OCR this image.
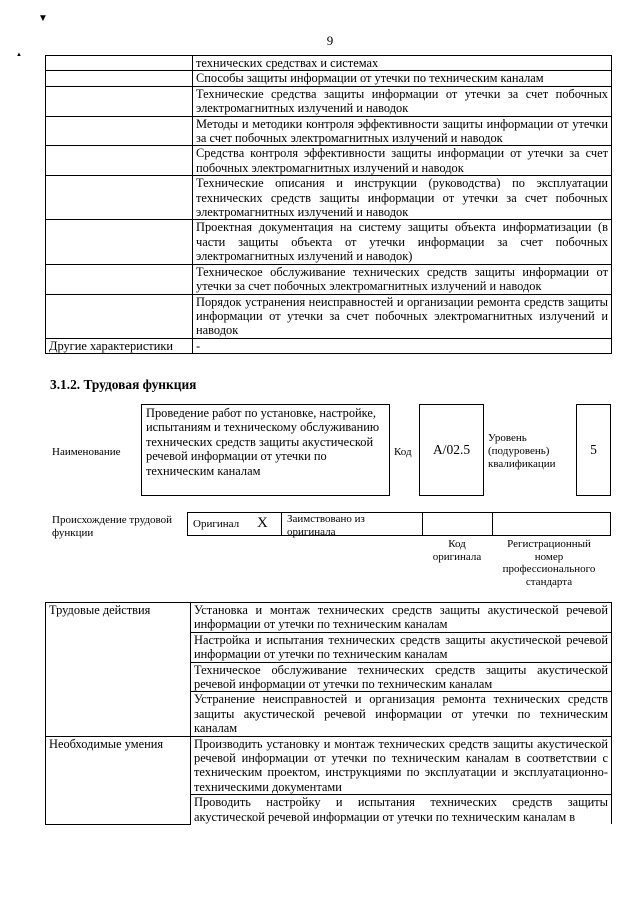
▼
▲
9
	технических средствах и системах
	Способы защиты информации от утечки по техническим каналам
	Технические средства защиты информации от утечки за счет побочных электромагнитных излучений и наводок
	Методы и методики контроля эффективности защиты информации от утечки за счет побочных электромагнитных излучений и наводок
	Средства контроля эффективности защиты информации от утечки за счет побочных электромагнитных излучений и наводок
	Технические описания и инструкции (руководства) по эксплуатации технических средств защиты информации от утечки за счет побочных электромагнитных излучений и наводок
	Проектная документация на систему защиты объекта информатизации (в части защиты объекта от утечки информации за счет побочных электромагнитных излучений и наводок)
	Техническое обслуживание технических средств защиты информации от утечки за счет побочных электромагнитных излучений и наводок
	Порядок устранения неисправностей и организации ремонта средств защиты информации от утечки за счет побочных электромагнитных излучений и наводок
Другие характеристики	-
3.1.2. Трудовая функция
Наименование
Проведение работ по установке, настройке, испытаниям и техническому обслуживанию технических средств защиты акустической речевой информации от утечки по техническим каналам
Код	А/02.5
Уровень (подуровень) квалификации
5
Происхождение трудовой функции
Оригинал X Заимствовано из оригинала
Код оригинала
Регистрационный номер профессионального стандарта
Трудовые действия	Установка и монтаж технических средств защиты акустической речевой информации от утечки по техническим каналам
	Настройка и испытания технических средств защиты акустической речевой информации от утечки по техническим каналам
	Техническое обслуживание технических средств защиты акустической речевой информации от утечки по техническим каналам
	Устранение неисправностей и организация ремонта технических средств защиты акустической речевой информации от утечки по техническим каналам
Необходимые умения	Производить установку и монтаж технических средств защиты акустической речевой информации от утечки по техническим каналам в соответствии с техническим проектом, инструкциями по эксплуатации и эксплуатационно-техническими документами
	Проводить настройку и испытания технических средств защиты акустической речевой информации от утечки по техническим каналам в
